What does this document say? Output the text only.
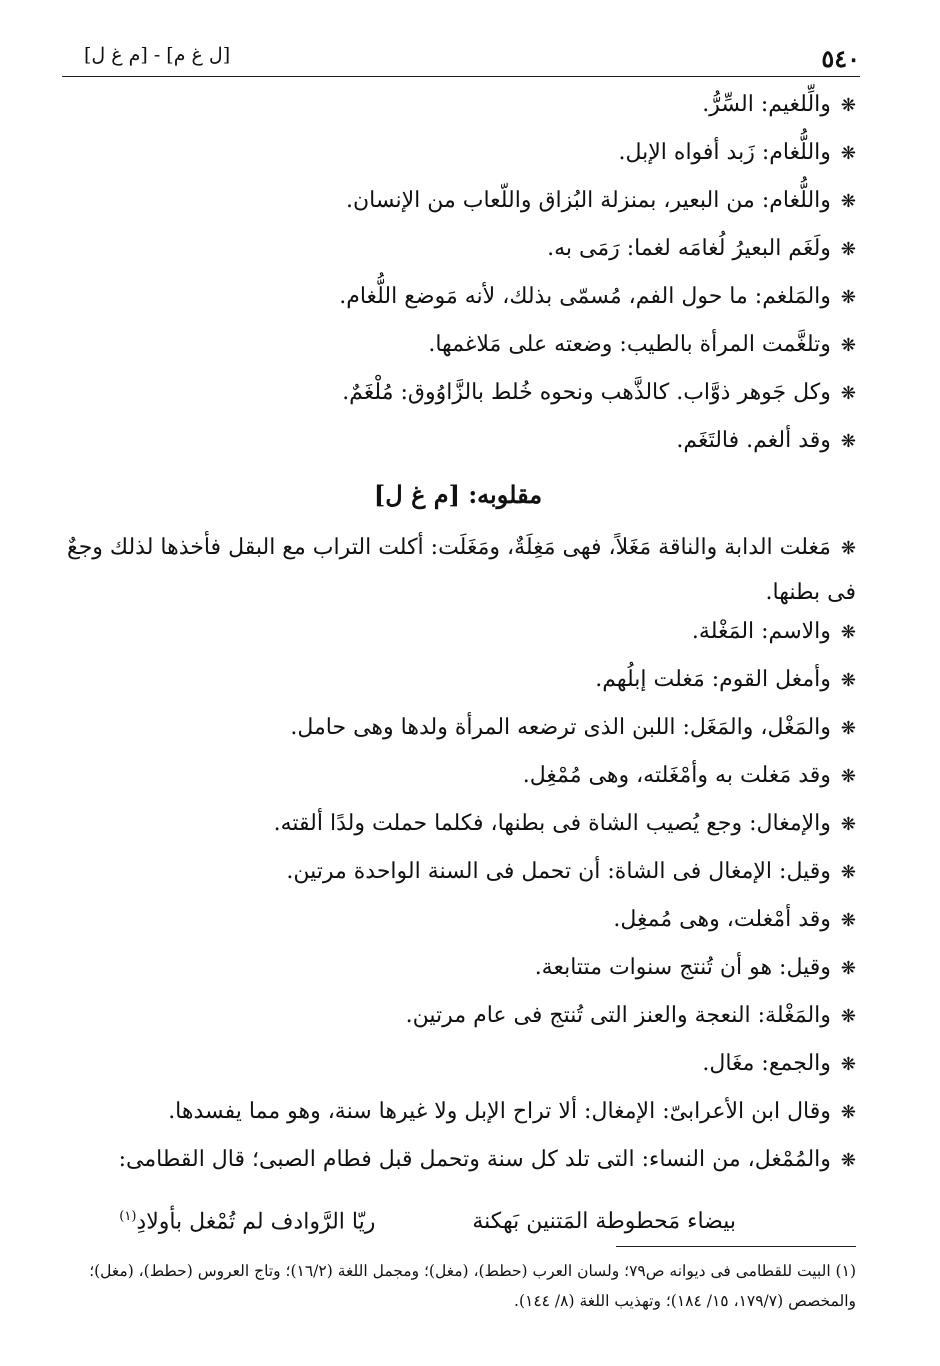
٥٤٠
[ل غ م] - [م غ ل]
❋والِّلغيم: السِّرُّ.
❋واللُّغام: زَبد أفواه الإبل.
❋واللُّغام: من البعير، بمنزلة البُزاق واللّعاب من الإنسان.
❋ولَغَم البعيرُ لُغامَه لغما: رَمَى به.
❋والمَلغم: ما حول الفم، مُسمّى بذلك، لأنه مَوضع اللُّغام.
❋وتلغَّمت المرأة بالطيب: وضعته على مَلاغمها.
❋وكل جَوهر ذوَّاب. كالذَّهب ونحوه خُلط بالزَّاوُوق: مُلْغَمٌ.
❋وقد ألغم. فالتَغَم.
مقلوبه: [م غ ل]
❋مَغلت الدابة والناقة مَغَلاً، فهى مَغِلَةٌ، ومَغَلَت: أكلت التراب مع البقل فأخذها لذلك وجعٌ فى بطنها.
❋والاسم: المَغْلة.
❋وأمغل القوم: مَغلت إبلُهم.
❋والمَغْل، والمَغَل: اللبن الذى ترضعه المرأة ولدها وهى حامل.
❋وقد مَغلت به وأمْغَلته، وهى مُمْغِل.
❋والإمغال: وجع يُصيب الشاة فى بطنها، فكلما حملت ولدًا ألقته.
❋وقيل: الإمغال فى الشاة: أن تحمل فى السنة الواحدة مرتين.
❋وقد أمْغلت، وهى مُمغِل.
❋وقيل: هو أن تُنتج سنوات متتابعة.
❋والمَغْلة: النعجة والعنز التى تُنتج فى عام مرتين.
❋والجمع: مغَال.
❋وقال ابن الأعرابىّ: الإمغال: ألا تراح الإبل ولا غيرها سنة، وهو مما يفسدها.
❋والمُمْغل، من النساء: التى تلد كل سنة وتحمل قبل فطام الصبى؛ قال القطامى:
بيضاء مَحطوطة المَتنين بَهكنة ريّا الرَّوادف لم تُمْغل بأولادِ$^{(١)}$
(١) البيت للقطامى فى ديوانه ص٧٩؛ ولسان العرب (حطط)، (مغل)؛ ومجمل اللغة (١٦/٢)؛ وتاج العروس (حطط)، (مغل)؛ والمخصص (١٧٩/٧، ١٥/ ١٨٤)؛ وتهذيب اللغة (٨/ ١٤٤).
